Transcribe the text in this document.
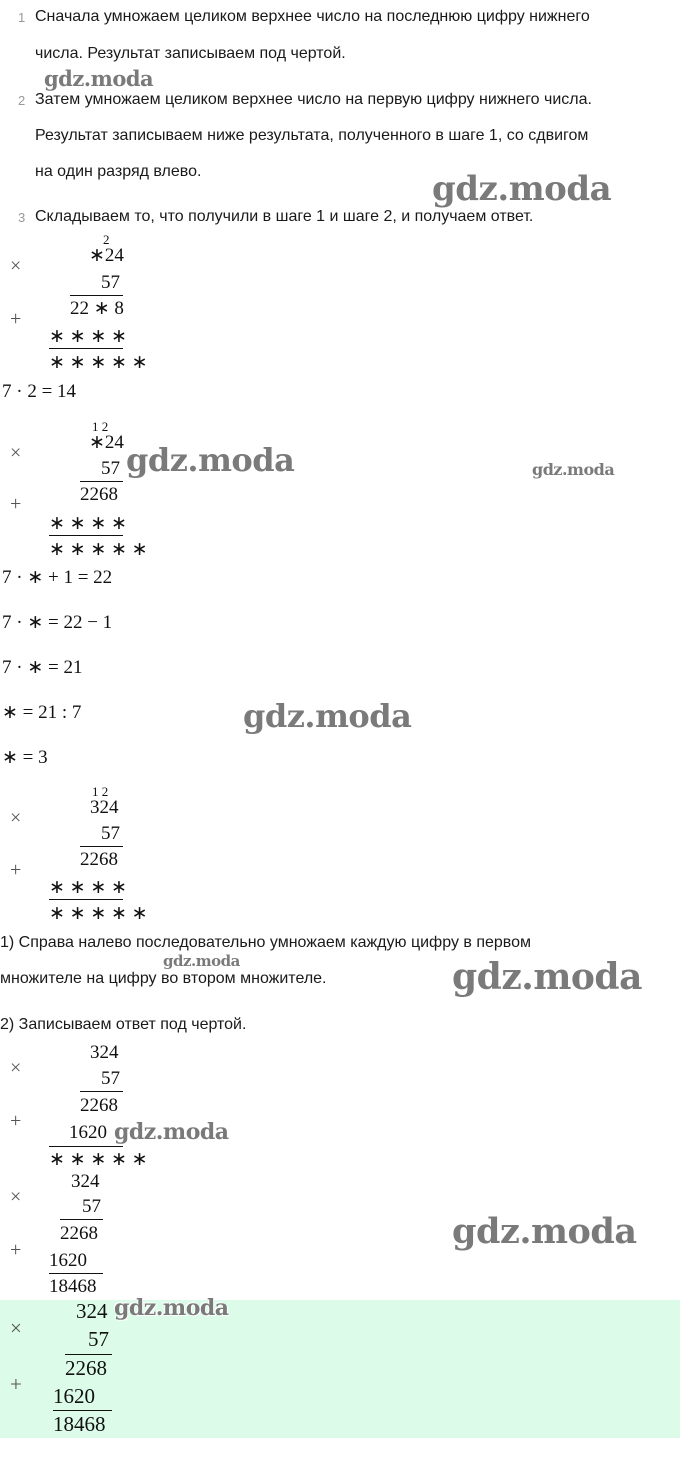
1 Сначала умножаем целиком верхнее число на последнюю цифру нижнего
числа. Результат записываем под чертой.
2 Затем умножаем целиком верхнее число на первую цифру нижнего числа.
Результат записываем ниже результата, полученного в шаге 1, со сдвигом
на один разряд влево.
3 Складываем то, что получили в шаге 1 и шаге 2, и получаем ответ.
×
2
∗24
57
+	22 ∗ 8
∗ ∗ ∗ ∗
∗ ∗ ∗ ∗ ∗
7 · 2 = 14
×
1 2
∗24
57
+	2268
∗ ∗ ∗ ∗
∗ ∗ ∗ ∗ ∗
7 · ∗ + 1 = 22
7 · ∗ = 22 − 1
7 · ∗ = 21
∗ = 21 : 7
∗ = 3
×
1 2
324
57
+	2268
∗ ∗ ∗ ∗
∗ ∗ ∗ ∗ ∗
1) Справа налево последовательно умножаем каждую цифру в первом
множителе на цифру во втором множителе.
2) Записываем ответ под чертой.
×
324
57
+
2268
1620
∗ ∗ ∗ ∗ ∗
×
324
57
+
2268
1620
18468
×
324
57
+
2268
1620
18468
gdz.moda
gdz.moda
gdz.moda	gdz.moda
gdz.moda
gdz.moda	gdz.moda
gdz.moda
gdz.moda
gdz.moda
